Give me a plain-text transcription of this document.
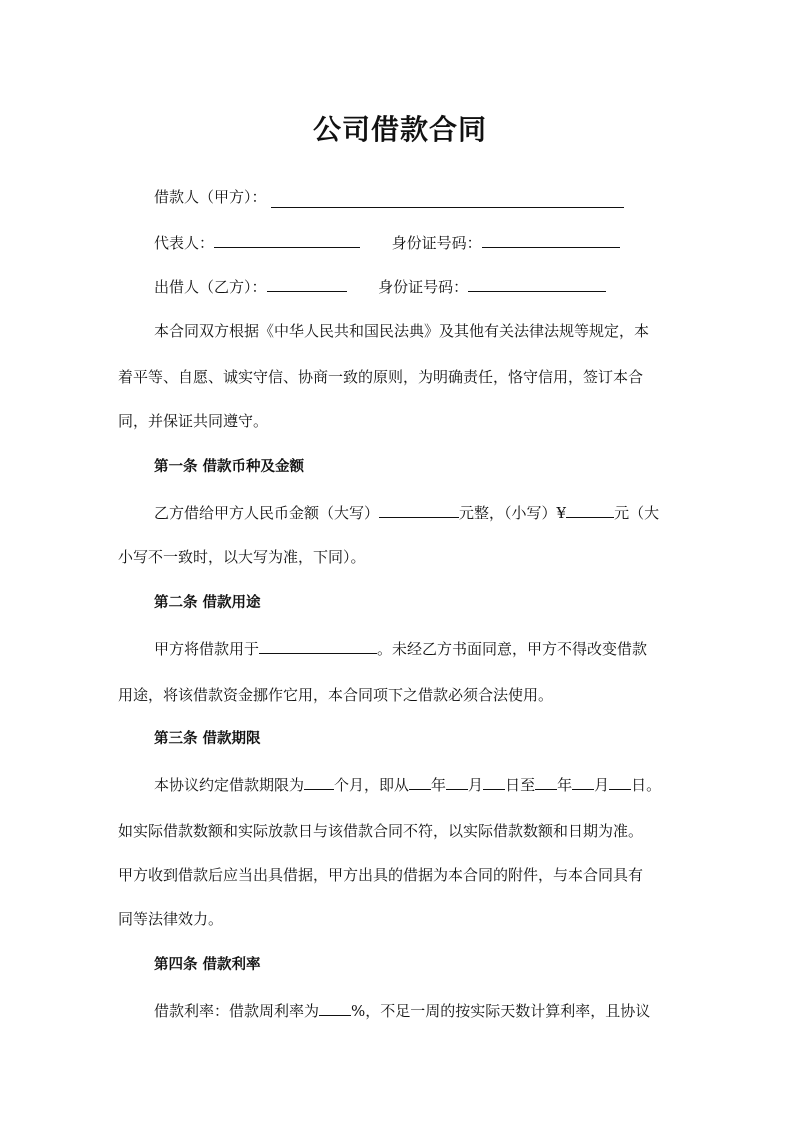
公司借款合同
借款人（甲方）：
代表人：	身份证号码：
出借人（乙方）：	身份证号码：
本合同双方根据《中华人民共和国民法典》及其他有关法律法规等规定，本
着平等、自愿、诚实守信、协商一致的原则，为明确责任，恪守信用，签订本合
同，并保证共同遵守。
第一条 借款币种及金额
乙方借给甲方人民币金额（大写）	元整，（小写）¥	元（大
小写不一致时，以大写为准，下同）。
第二条 借款用途
甲方将借款用于	。未经乙方书面同意，甲方不得改变借款
用途，将该借款资金挪作它用，本合同项下之借款必须合法使用。
第三条 借款期限
本协议约定借款期限为 个月，即从 年 月 日至 年 月 日。
如实际借款数额和实际放款日与该借款合同不符，以实际借款数额和日期为准。
甲方收到借款后应当出具借据，甲方出具的借据为本合同的附件，与本合同具有
同等法律效力。
第四条 借款利率
借款利率：借款周利率为 %，不足一周的按实际天数计算利率，且协议
